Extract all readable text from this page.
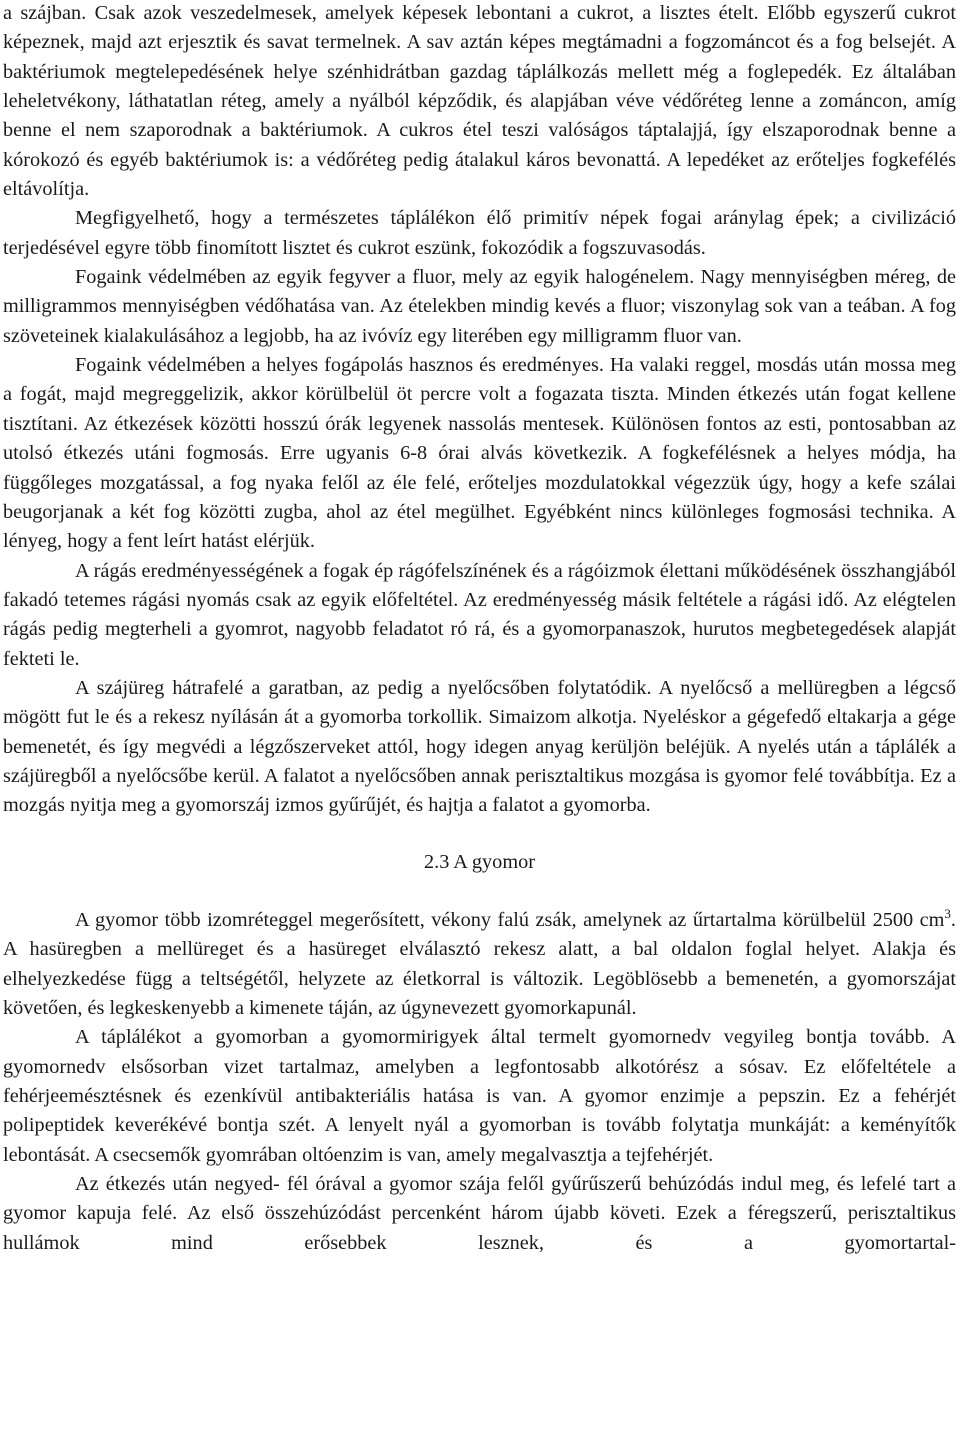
a szájban. Csak azok veszedelmesek, amelyek képesek lebontani a cukrot, a lisztes ételt. Előbb egyszerű cukrot képeznek, majd azt erjesztik és savat termelnek. A sav aztán képes megtámadni a fogzománcot és a fog belsejét. A baktériumok megtelepedésének helye szénhidrátban gazdag táplálkozás mellett még a foglepedék. Ez általában leheletvékony, láthatatlan réteg, amely a nyálból képződik, és alapjában véve védőréteg lenne a zománcon, amíg benne el nem szaporodnak a baktériumok. A cukros étel teszi valóságos táptalajjá, így elszaporodnak benne a kórokozó és egyéb baktériumok is: a védőréteg pedig átalakul káros bevonattá. A lepedéket az erőteljes fogkefélés eltávolítja.

Megfigyelhető, hogy a természetes táplálékon élő primitív népek fogai aránylag épek; a civilizáció terjedésével egyre több finomított lisztet és cukrot eszünk, fokozódik a fogszuvasodás.

Fogaink védelmében az egyik fegyver a fluor, mely az egyik halogénelem. Nagy mennyiségben méreg, de milligrammos mennyiségben védőhatása van. Az ételekben mindig kevés a fluor; viszonylag sok van a teában. A fog szöveteinek kialakulásához a legjobb, ha az ivóvíz egy literében egy milligramm fluor van.

Fogaink védelmében a helyes fogápolás hasznos és eredményes. Ha valaki reggel, mosdás után mossa meg a fogát, majd megreggelizik, akkor körülbelül öt percre volt a fogazata tiszta. Minden étkezés után fogat kellene tisztítani. Az étkezések közötti hosszú órák legyenek nassolás mentesek. Különösen fontos az esti, pontosabban az utolsó étkezés utáni fogmosás. Erre ugyanis 6-8 órai alvás következik. A fogkefélésnek a helyes módja, ha függőleges mozgatással, a fog nyaka felől az éle felé, erőteljes mozdulatokkal végezzük úgy, hogy a kefe szálai beugorjanak a két fog közötti zugba, ahol az étel megülhet. Egyébként nincs különleges fogmosási technika. A lényeg, hogy a fent leírt hatást elérjük.

A rágás eredményességének a fogak ép rágófelszínének és a rágóizmok élettani működésének összhangjából fakadó tetemes rágási nyomás csak az egyik előfeltétel. Az eredményesség másik feltétele a rágási idő. Az elégtelen rágás pedig megterheli a gyomrot, nagyobb feladatot ró rá, és a gyomorpanaszok, hurutos megbetegedések alapját fekteti le.

A szájüreg hátrafelé a garatban, az pedig a nyelőcsőben folytatódik. A nyelőcső a mellüregben a légcső mögött fut le és a rekesz nyílásán át a gyomorba torkollik. Simaizom alkotja. Nyeléskor a gégefedő eltakarja a gége bemenetét, és így megvédi a légzőszerveket attól, hogy idegen anyag kerüljön beléjük. A nyelés után a táplálék a szájüregből a nyelőcsőbe kerül. A falatot a nyelőcsőben annak perisztaltikus mozgása is gyomor felé továbbítja. Ez a mozgás nyitja meg a gyomorszáj izmos gyűrűjét, és hajtja a falatot a gyomorba.

2.3 A gyomor

A gyomor több izomréteggel megerősített, vékony falú zsák, amelynek az űrtartalma körülbelül 2500 $cm^3$. A hasüregben a mellüreget és a hasüreget elválasztó rekesz alatt, a bal oldalon foglal helyet. Alakja és elhelyezkedése függ a teltségétől, helyzete az életkorral is változik. Legöblösebb a bemenetén, a gyomorszájat követően, és legkeskenyebb a kimenete táján, az úgynevezett gyomorkapunál.

A táplálékot a gyomorban a gyomormirigyek által termelt gyomornedv vegyileg bontja tovább. A gyomornedv elsősorban vizet tartalmaz, amelyben a legfontosabb alkotórész a sósav. Ez előfeltétele a fehérjeemésztésnek és ezenkívül antibakteriális hatása is van. A gyomor enzimje a pepszin. Ez a fehérjét polipeptidek keverékévé bontja szét. A lenyelt nyál a gyomorban is tovább folytatja munkáját: a keményítők lebontását. A csecsemők gyomrában oltóenzim is van, amely megalvasztja a tejfehérjét.

Az étkezés után negyed- fél órával a gyomor szája felől gyűrűszerű behúzódás indul meg, és lefelé tart a gyomor kapuja felé. Az első összehúzódást percenként három újabb követi. Ezek a féregszerű, perisztaltikus hullámok mind erősebbek lesznek, és a gyomortartal-
